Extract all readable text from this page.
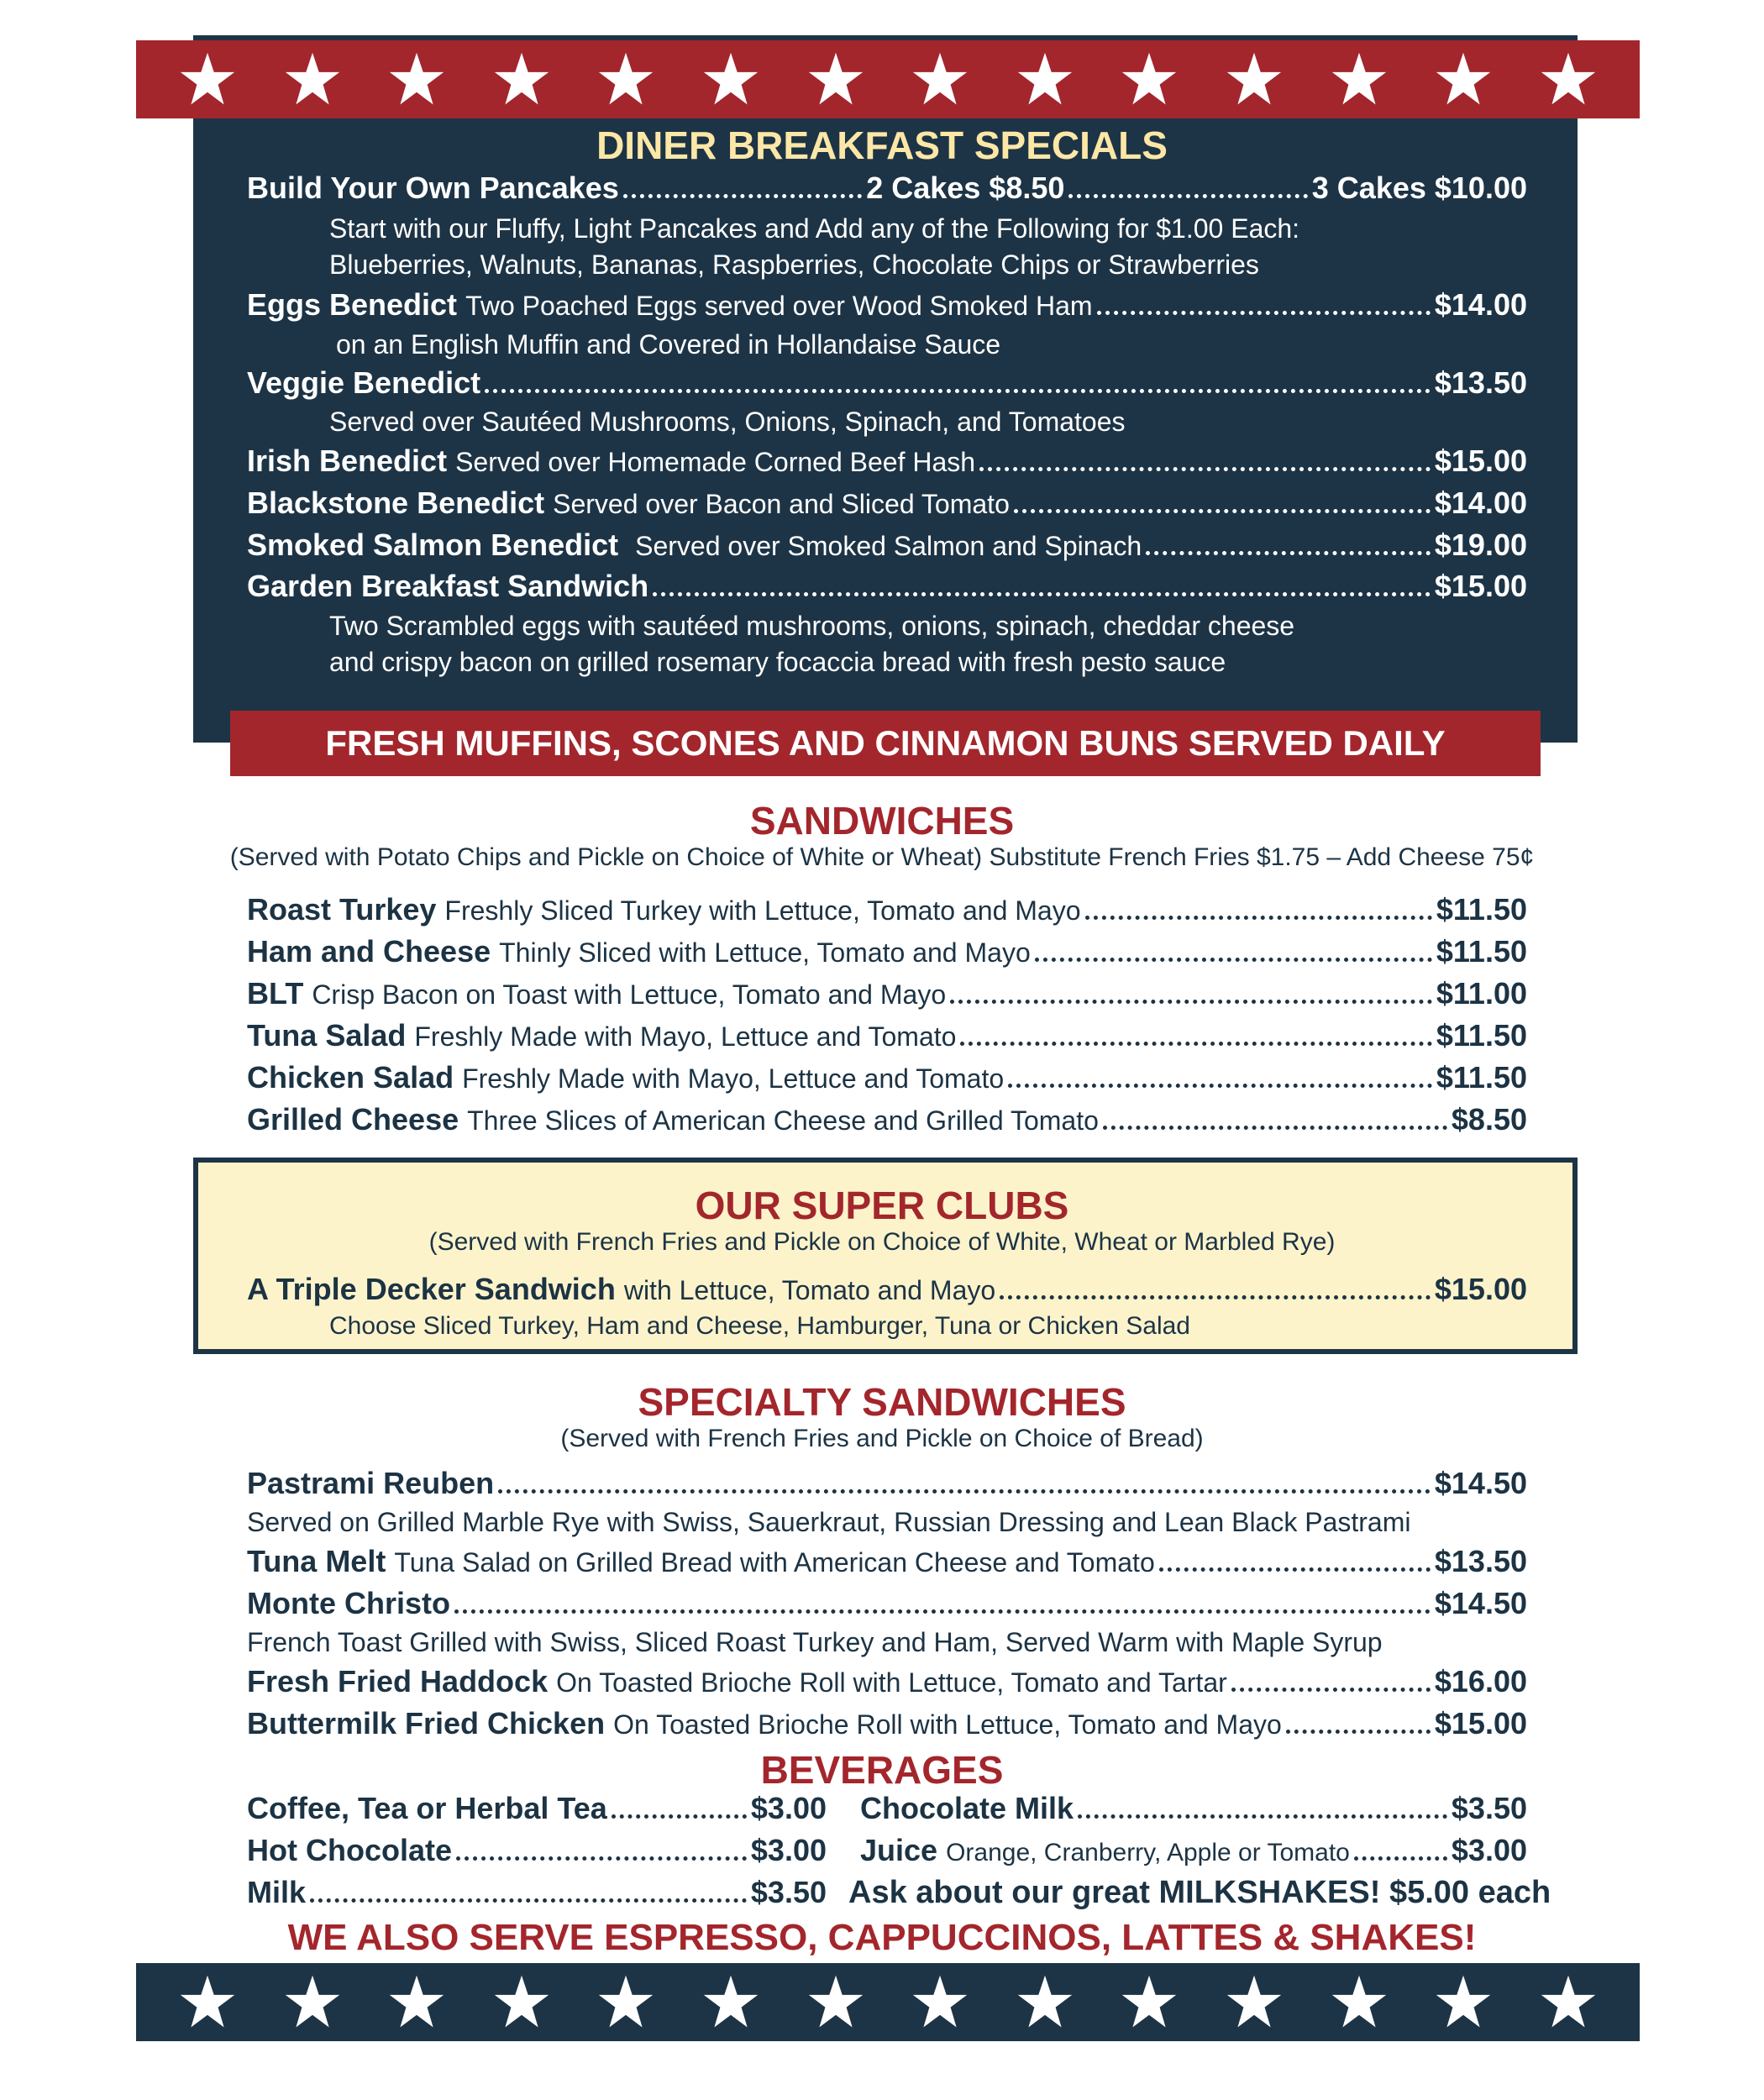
DINER BREAKFAST SPECIALS
Build Your Own Pancakes	2 Cakes $8.50	3 Cakes $10.00
Start with our Fluffy, Light Pancakes and Add any of the Following for $1.00 Each:
Blueberries, Walnuts, Bananas, Raspberries, Chocolate Chips or Strawberries
Eggs Benedict Two Poached Eggs served over Wood Smoked Ham	$14.00
on an English Muffin and Covered in Hollandaise Sauce
Veggie Benedict	$13.50
Served over Sautéed Mushrooms, Onions, Spinach, and Tomatoes
Irish Benedict Served over Homemade Corned Beef Hash	$15.00
Blackstone Benedict Served over Bacon and Sliced Tomato	$14.00
Smoked Salmon Benedict Served over Smoked Salmon and Spinach	$19.00
Garden Breakfast Sandwich	$15.00
Two Scrambled eggs with sautéed mushrooms, onions, spinach, cheddar cheese
and crispy bacon on grilled rosemary focaccia bread with fresh pesto sauce
FRESH MUFFINS, SCONES AND CINNAMON BUNS SERVED DAILY
SANDWICHES
(Served with Potato Chips and Pickle on Choice of White or Wheat) Substitute French Fries $1.75 – Add Cheese 75¢
Roast Turkey Freshly Sliced Turkey with Lettuce, Tomato and Mayo	$11.50
Ham and Cheese Thinly Sliced with Lettuce, Tomato and Mayo	$11.50
BLT Crisp Bacon on Toast with Lettuce, Tomato and Mayo	$11.00
Tuna Salad Freshly Made with Mayo, Lettuce and Tomato	$11.50
Chicken Salad Freshly Made with Mayo, Lettuce and Tomato	$11.50
Grilled Cheese Three Slices of American Cheese and Grilled Tomato	$8.50
OUR SUPER CLUBS
(Served with French Fries and Pickle on Choice of White, Wheat or Marbled Rye)
A Triple Decker Sandwich with Lettuce, Tomato and Mayo	$15.00
Choose Sliced Turkey, Ham and Cheese, Hamburger, Tuna or Chicken Salad
SPECIALTY SANDWICHES
(Served with French Fries and Pickle on Choice of Bread)
Pastrami Reuben	$14.50
Served on Grilled Marble Rye with Swiss, Sauerkraut, Russian Dressing and Lean Black Pastrami
Tuna Melt Tuna Salad on Grilled Bread with American Cheese and Tomato	$13.50
Monte Christo	$14.50
French Toast Grilled with Swiss, Sliced Roast Turkey and Ham, Served Warm with Maple Syrup
Fresh Fried Haddock On Toasted Brioche Roll with Lettuce, Tomato and Tartar	$16.00
Buttermilk Fried Chicken On Toasted Brioche Roll with Lettuce, Tomato and Mayo	$15.00
BEVERAGES
Coffee, Tea or Herbal Tea	$3.00
Hot Chocolate	$3.00
Milk	$3.50
Chocolate Milk	$3.50
Juice Orange, Cranberry, Apple or Tomato	$3.00
Ask about our great MILKSHAKES! $5.00 each
WE ALSO SERVE ESPRESSO, CAPPUCCINOS, LATTES & SHAKES!
